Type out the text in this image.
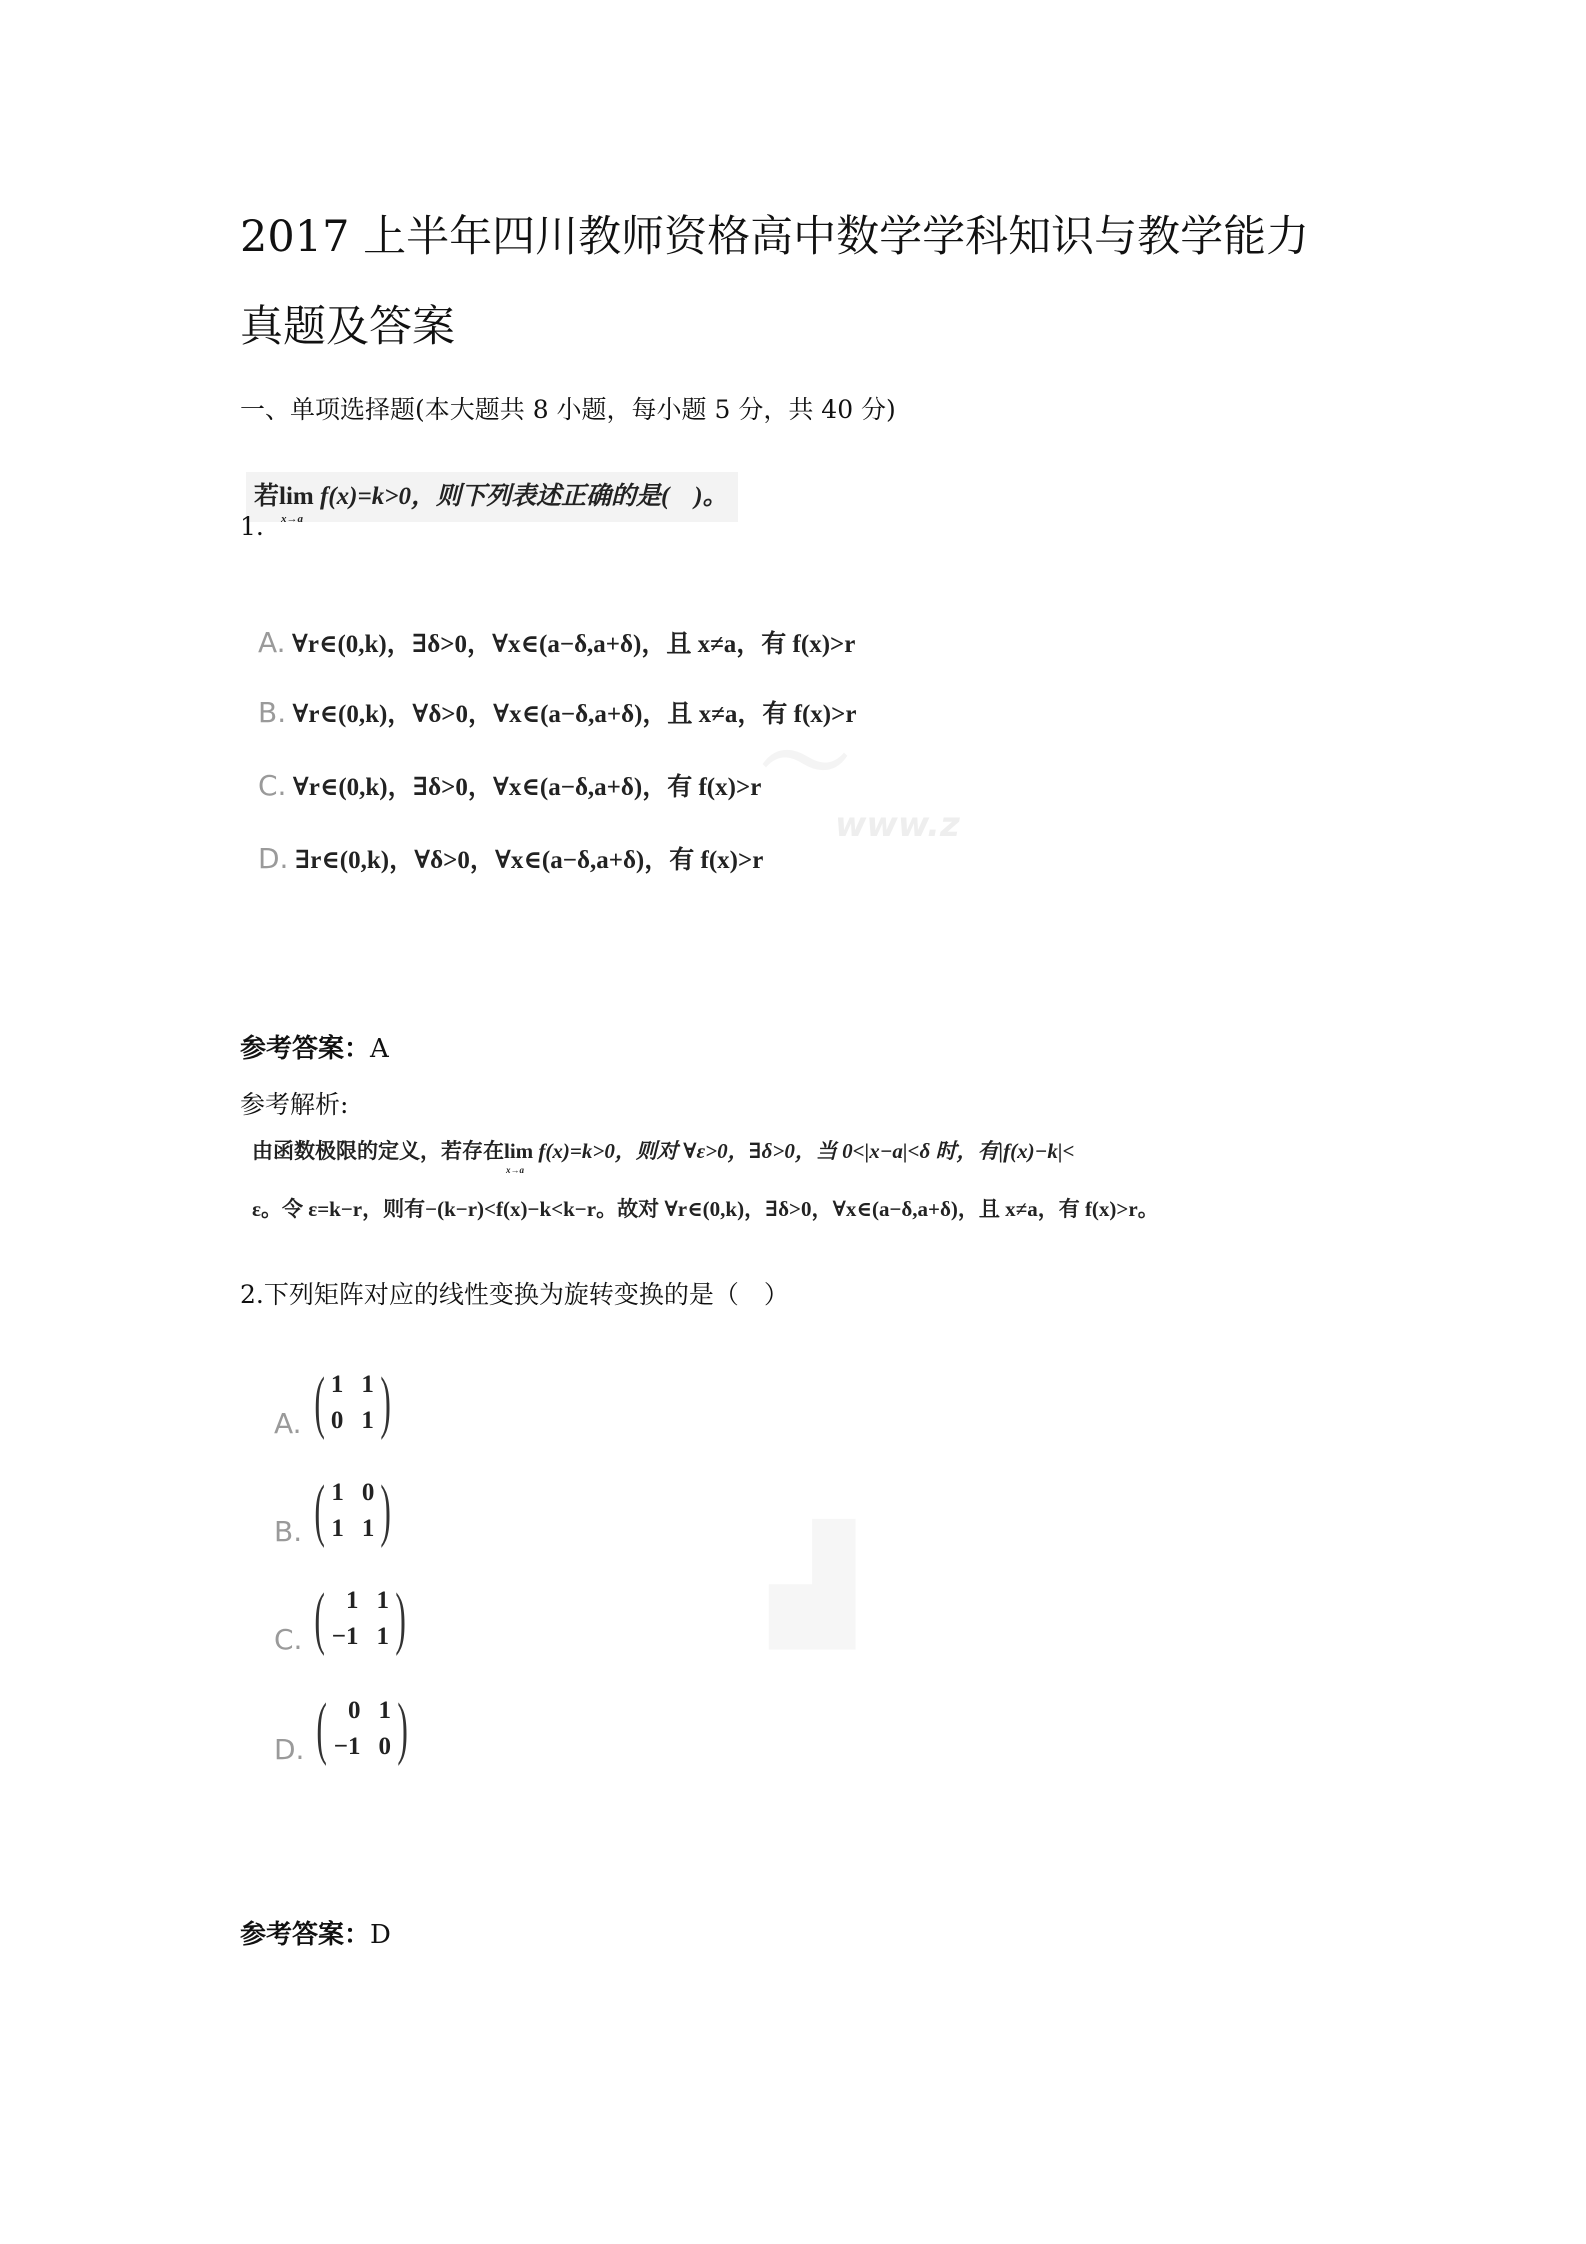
〜
www.z
▟
2017 上半年四川教师资格高中数学学科知识与教学能力真题及答案
一、单项选择题(本大题共 8 小题，每小题 5 分，共 40 分)
若lim
x→a
f(x)=k>0，则下列表述正确的是(　)。
1.
A. ∀r∈(0,k)，∃δ>0，∀x∈(a−δ,a+δ)，且 x≠a，有 f(x)>r
B. ∀r∈(0,k)，∀δ>0，∀x∈(a−δ,a+δ)，且 x≠a，有 f(x)>r
C. ∀r∈(0,k)，∃δ>0，∀x∈(a−δ,a+δ)，有 f(x)>r
D. ∃r∈(0,k)，∀δ>0，∀x∈(a−δ,a+δ)，有 f(x)>r
参考答案：A
参考解析:
由函数极限的定义，若存在lim
x→a
f(x)=k>0，则对 ∀ε>0，∃δ>0，当 0<|x−a|<δ 时，有|f(x)−k|<
ε。令 ε=k−r，则有−(k−r)<f(x)−k<k−r。故对 ∀r∈(0,k)，∃δ>0，∀x∈(a−δ,a+δ)，且 x≠a，有 f(x)>r。
2.下列矩阵对应的线性变换为旋转变换的是（　）
A. ( 1 1
0 1 )
B. ( 1 0
1 1 )
C. ( 1 1
−1 1 )
D. ( 0 1
−1 0 )
参考答案：D
